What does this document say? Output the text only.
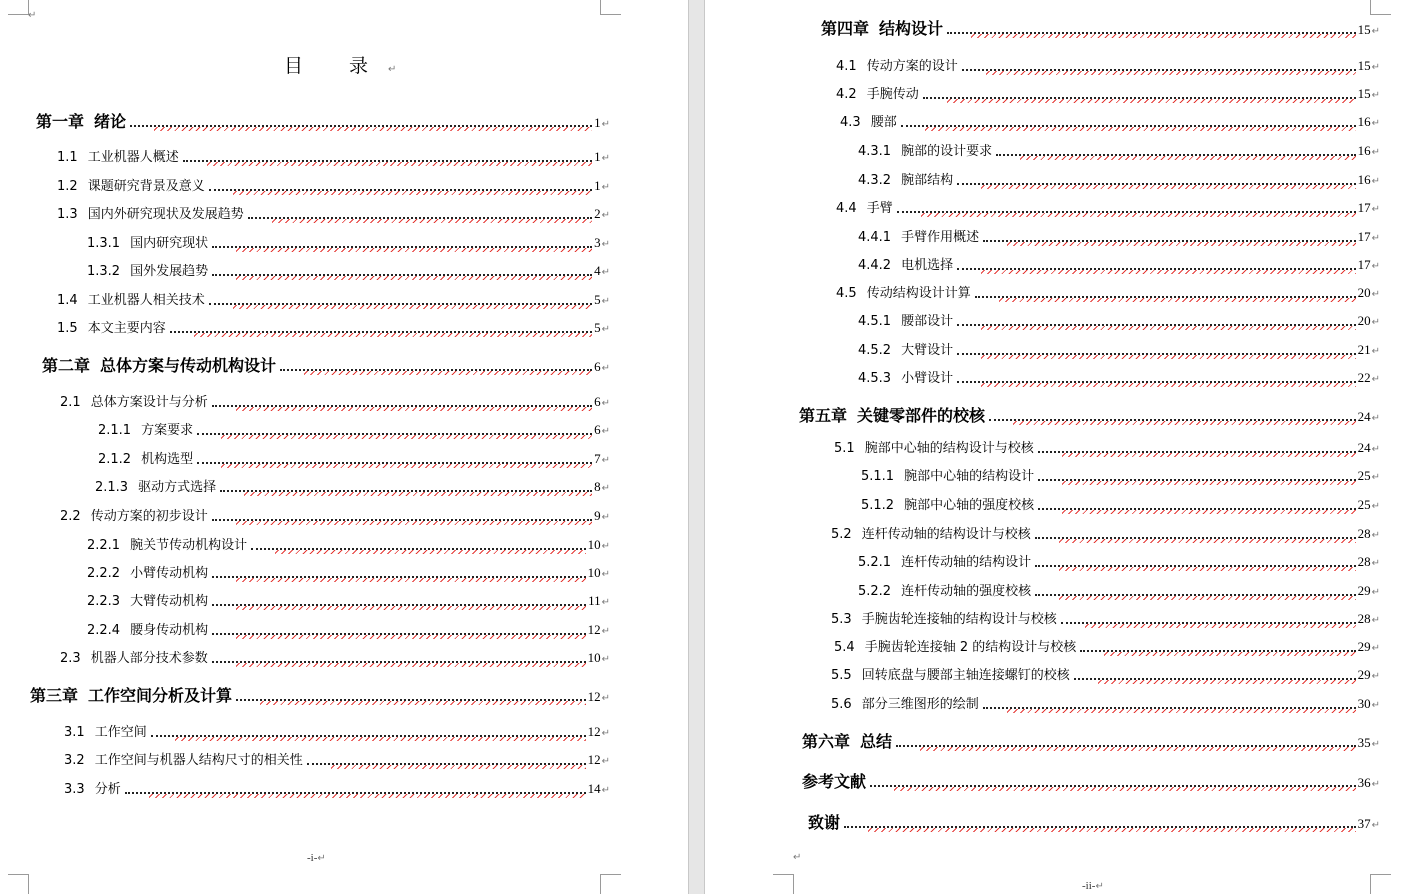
↵
目 录↵
第一章 绪论	1 ↵
1.1 工业机器人概述	1 ↵
1.2 课题研究背景及意义	1 ↵
1.3 国内外研究现状及发展趋势	2 ↵
1.3.1 国内研究现状	3 ↵
1.3.2 国外发展趋势	4 ↵
1.4 工业机器人相关技术	5 ↵
1.5 本文主要内容	5 ↵
第二章 总体方案与传动机构设计	6 ↵
2.1 总体方案设计与分析	6 ↵
2.1.1 方案要求	6 ↵
2.1.2 机构选型	7 ↵
2.1.3 驱动方式选择	8 ↵
2.2 传动方案的初步设计	9 ↵
2.2.1 腕关节传动机构设计	10 ↵
2.2.2 小臂传动机构	10 ↵
2.2.3 大臂传动机构	11 ↵
2.2.4 腰身传动机构	12 ↵
2.3 机器人部分技术参数	10 ↵
第三章 工作空间分析及计算	12 ↵
3.1 工作空间	12 ↵
3.2 工作空间与机器人结构尺寸的相关性	12 ↵
3.3 分析	14 ↵
-i-↵	↵
第四章 结构设计	15 ↵
4.1 传动方案的设计	15 ↵
4.2 手腕传动	15 ↵
4.3 腰部	16 ↵
4.3.1 腕部的设计要求	16 ↵
4.3.2 腕部结构	16 ↵
4.4 手臂	17 ↵
4.4.1 手臂作用概述	17 ↵
4.4.2 电机选择	17 ↵
4.5 传动结构设计计算	20 ↵
4.5.1 腰部设计	20 ↵
4.5.2 大臂设计	21 ↵
4.5.3 小臂设计	22 ↵
第五章 关键零部件的校核	24 ↵
5.1 腕部中心轴的结构设计与校核	24 ↵
5.1.1 腕部中心轴的结构设计	25 ↵
5.1.2 腕部中心轴的强度校核	25 ↵
5.2 连杆传动轴的结构设计与校核	28 ↵
5.2.1 连杆传动轴的结构设计	28 ↵
5.2.2 连杆传动轴的强度校核	29 ↵
5.3 手腕齿轮连接轴的结构设计与校核	28 ↵
5.4 手腕齿轮连接轴 2 的结构设计与校核	29 ↵
5.5 回转底盘与腰部主轴连接螺钉的校核	29 ↵
5.6 部分三维图形的绘制	30 ↵
第六章 总结	35 ↵
参考文献	36 ↵
致谢	37 ↵
-ii-↵
